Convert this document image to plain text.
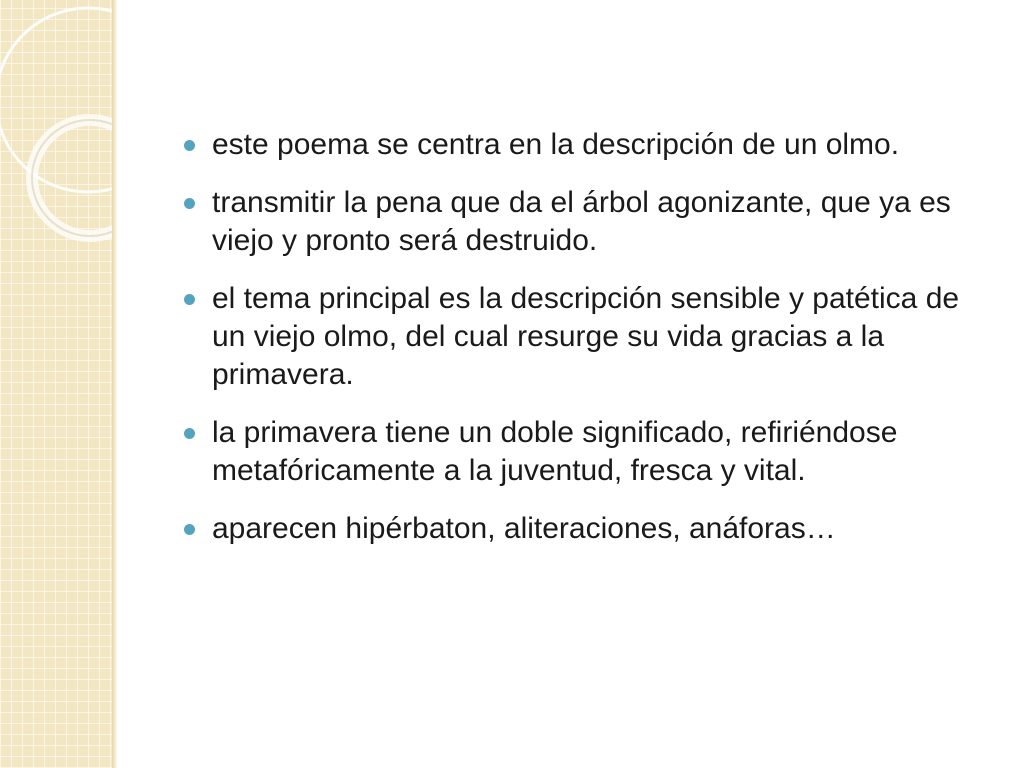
este poema se centra en la descripción de un olmo.
transmitir la pena que da el árbol agonizante, que ya es viejo y pronto será destruido.
el tema principal es la descripción sensible y patética de un viejo olmo, del cual resurge su vida gracias a la primavera.
la primavera tiene un doble significado, refiriéndose metafóricamente a la juventud, fresca y vital.
aparecen hipérbaton, aliteraciones, anáforas…
